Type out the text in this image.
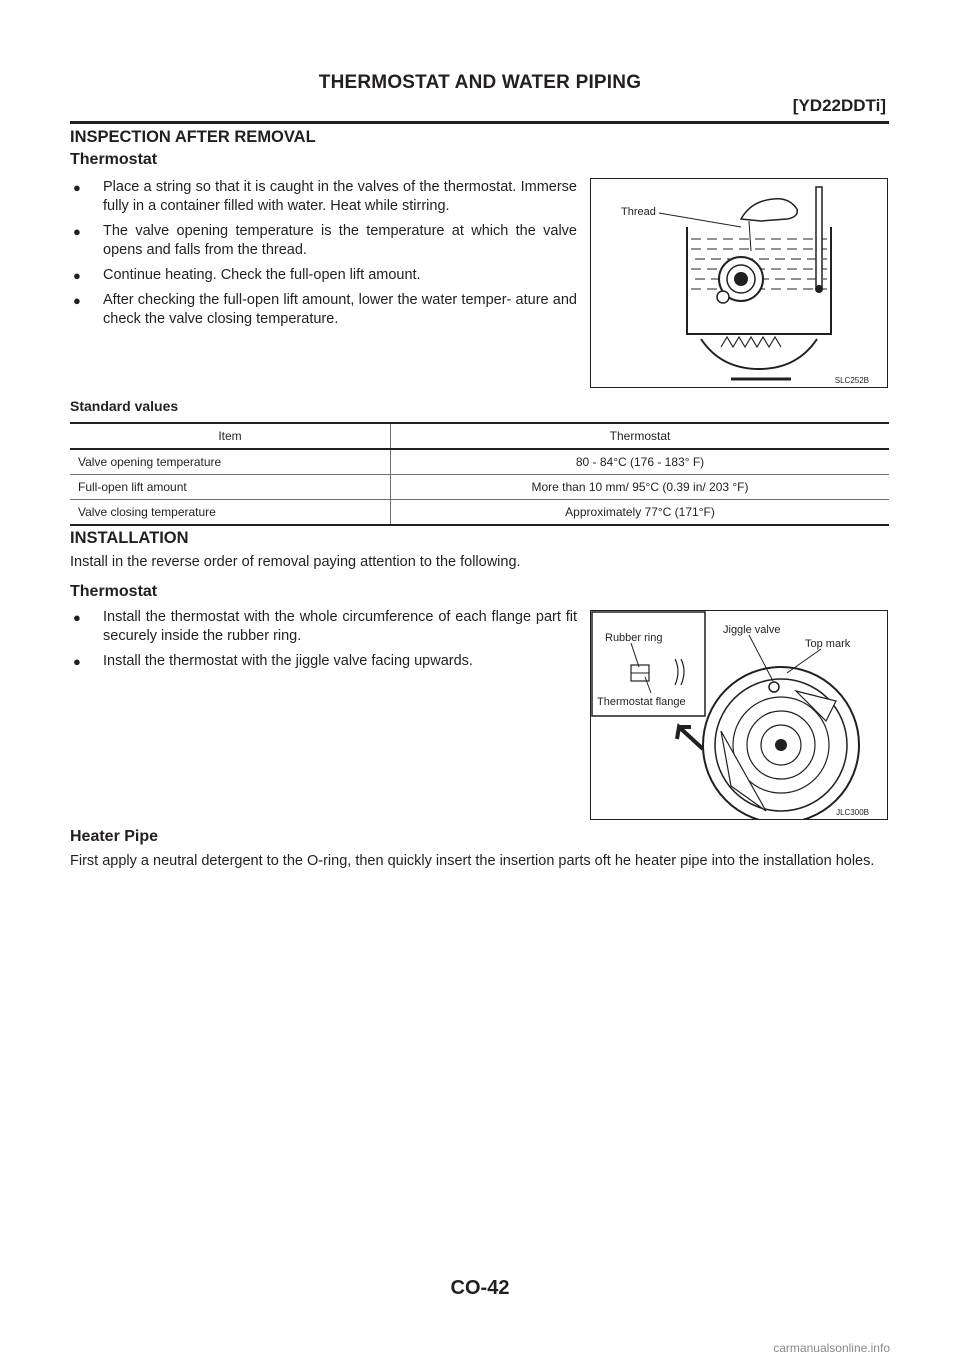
THERMOSTAT AND WATER PIPING
[YD22DDTi]
INSPECTION AFTER REMOVAL
Thermostat
● Place a string so that it is caught in the valves of the thermostat. Immerse fully in a container filled with water. Heat while stirring.
● The valve opening temperature is the temperature at which the valve opens and falls from the thread.
● Continue heating. Check the full-open lift amount.
● After checking the full-open lift amount, lower the water temper- ature and check the valve closing temperature.
Thread
SLC252B
Standard values
Item	Thermostat
Valve opening temperature	80 - 84°C (176 - 183° F)
Full-open lift amount	More than 10 mm/ 95°C (0.39 in/ 203 °F)
Valve closing temperature	Approximately 77°C (171°F)
INSTALLATION
Install in the reverse order of removal paying attention to the following.
Thermostat
● Install the thermostat with the whole circumference of each flange part fit securely inside the rubber ring.
● Install the thermostat with the jiggle valve facing upwards.
Rubber ring
Thermostat flange
Jiggle valve
Top mark
JLC300B
Heater Pipe
First apply a neutral detergent to the O-ring, then quickly insert the insertion parts oft he heater pipe into the installation holes.
CO-42
carmanualsonline.info
